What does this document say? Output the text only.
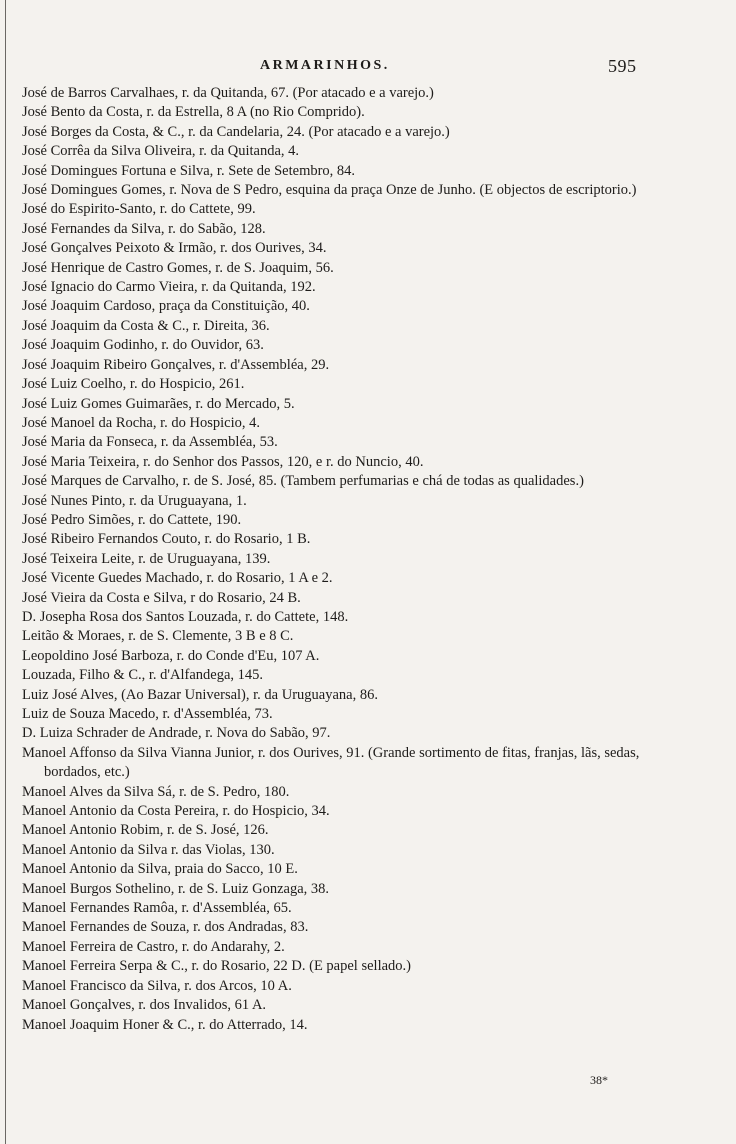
ARMARINHOS.	595
José de Barros Carvalhaes, r. da Quitanda, 67. (Por atacado e a varejo.)
José Bento da Costa, r. da Estrella, 8 A (no Rio Comprido).
José Borges da Costa, & C., r. da Candelaria, 24. (Por atacado e a varejo.)
José Corrêa da Silva Oliveira, r. da Quitanda, 4.
José Domingues Fortuna e Silva, r. Sete de Setembro, 84.
José Domingues Gomes, r. Nova de S Pedro, esquina da praça Onze de Junho. (E objectos de escriptorio.)
José do Espirito-Santo, r. do Cattete, 99.
José Fernandes da Silva, r. do Sabão, 128.
José Gonçalves Peixoto & Irmão, r. dos Ourives, 34.
José Henrique de Castro Gomes, r. de S. Joaquim, 56.
José Ignacio do Carmo Vieira, r. da Quitanda, 192.
José Joaquim Cardoso, praça da Constituição, 40.
José Joaquim da Costa & C., r. Direita, 36.
José Joaquim Godinho, r. do Ouvidor, 63.
José Joaquim Ribeiro Gonçalves, r. d'Assembléa, 29.
José Luiz Coelho, r. do Hospicio, 261.
José Luiz Gomes Guimarães, r. do Mercado, 5.
José Manoel da Rocha, r. do Hospicio, 4.
José Maria da Fonseca, r. da Assembléa, 53.
José Maria Teixeira, r. do Senhor dos Passos, 120, e r. do Nuncio, 40.
José Marques de Carvalho, r. de S. José, 85. (Tambem perfumarias e chá de todas as qualidades.)
José Nunes Pinto, r. da Uruguayana, 1.
José Pedro Simões, r. do Cattete, 190.
José Ribeiro Fernandos Couto, r. do Rosario, 1 B.
José Teixeira Leite, r. de Uruguayana, 139.
José Vicente Guedes Machado, r. do Rosario, 1 A e 2.
José Vieira da Costa e Silva, r do Rosario, 24 B.
D. Josepha Rosa dos Santos Louzada, r. do Cattete, 148.
Leitão & Moraes, r. de S. Clemente, 3 B e 8 C.
Leopoldino José Barboza, r. do Conde d'Eu, 107 A.
Louzada, Filho & C., r. d'Alfandega, 145.
Luiz José Alves, (Ao Bazar Universal), r. da Uruguayana, 86.
Luiz de Souza Macedo, r. d'Assembléa, 73.
D. Luiza Schrader de Andrade, r. Nova do Sabão, 97.
Manoel Affonso da Silva Vianna Junior, r. dos Ourives, 91. (Grande sortimento de fitas, franjas, lãs, sedas, bordados, etc.)
Manoel Alves da Silva Sá, r. de S. Pedro, 180.
Manoel Antonio da Costa Pereira, r. do Hospicio, 34.
Manoel Antonio Robim, r. de S. José, 126.
Manoel Antonio da Silva r. das Violas, 130.
Manoel Antonio da Silva, praia do Sacco, 10 E.
Manoel Burgos Sothelino, r. de S. Luiz Gonzaga, 38.
Manoel Fernandes Ramôa, r. d'Assembléa, 65.
Manoel Fernandes de Souza, r. dos Andradas, 83.
Manoel Ferreira de Castro, r. do Andarahy, 2.
Manoel Ferreira Serpa & C., r. do Rosario, 22 D. (E papel sellado.)
Manoel Francisco da Silva, r. dos Arcos, 10 A.
Manoel Gonçalves, r. dos Invalidos, 61 A.
Manoel Joaquim Honer & C., r. do Atterrado, 14.
38*
